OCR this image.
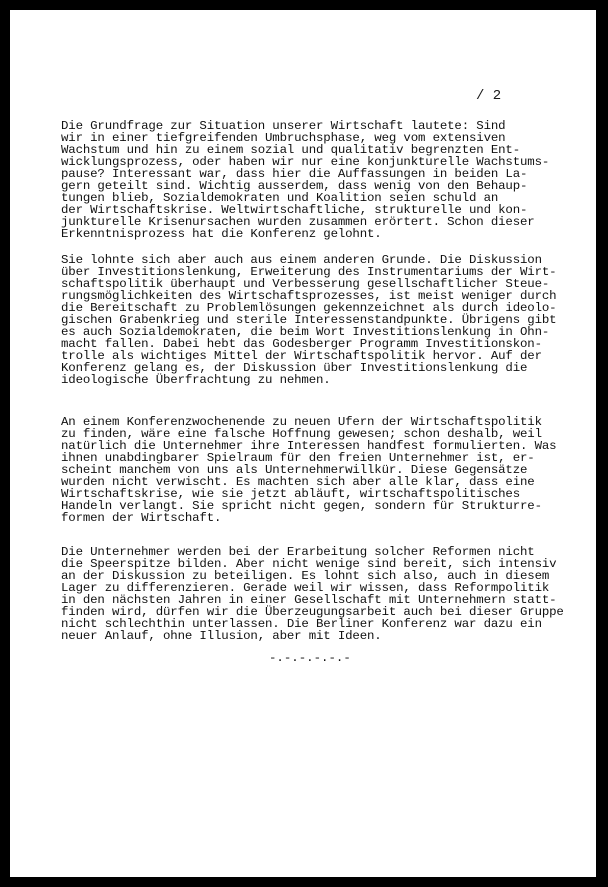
/ 2
Die Grundfrage zur Situation unserer Wirtschaft lautete: Sind
wir in einer tiefgreifenden Umbruchsphase, weg vom extensiven
Wachstum und hin zu einem sozial und qualitativ begrenzten Ent-
wicklungsprozess, oder haben wir nur eine konjunkturelle Wachstums-
pause? Interessant war, dass hier die Auffassungen in beiden La-
gern geteilt sind. Wichtig ausserdem, dass wenig von den Behaup-
tungen blieb, Sozialdemokraten und Koalition seien schuld an
der Wirtschaftskrise. Weltwirtschaftliche, strukturelle und kon-
junkturelle Krisenursachen wurden zusammen erörtert. Schon dieser
Erkenntnisprozess hat die Konferenz gelohnt.
Sie lohnte sich aber auch aus einem anderen Grunde. Die Diskussion
über Investitionslenkung, Erweiterung des Instrumentariums der Wirt-
schaftspolitik überhaupt und Verbesserung gesellschaftlicher Steue-
rungsmöglichkeiten des Wirtschaftsprozesses, ist meist weniger durch
die Bereitschaft zu Problemlösungen gekennzeichnet als durch ideolo-
gischen Grabenkrieg und sterile Interessenstandpunkte. Übrigens gibt
es auch Sozialdemokraten, die beim Wort Investitionslenkung in Ohn-
macht fallen. Dabei hebt das Godesberger Programm Investitionskon-
trolle als wichtiges Mittel der Wirtschaftspolitik hervor. Auf der
Konferenz gelang es, der Diskussion über Investitionslenkung die
ideologische Überfrachtung zu nehmen.
An einem Konferenzwochenende zu neuen Ufern der Wirtschaftspolitik
zu finden, wäre eine falsche Hoffnung gewesen; schon deshalb, weil
natürlich die Unternehmer ihre Interessen handfest formulierten. Was
ihnen unabdingbarer Spielraum für den freien Unternehmer ist, er-
scheint manchem von uns als Unternehmerwillkür. Diese Gegensätze
wurden nicht verwischt. Es machten sich aber alle klar, dass eine
Wirtschaftskrise, wie sie jetzt abläuft, wirtschaftspolitisches
Handeln verlangt. Sie spricht nicht gegen, sondern für Strukturre-
formen der Wirtschaft.
Die Unternehmer werden bei der Erarbeitung solcher Reformen nicht
die Speerspitze bilden. Aber nicht wenige sind bereit, sich intensiv
an der Diskussion zu beteiligen. Es lohnt sich also, auch in diesem
Lager zu differenzieren. Gerade weil wir wissen, dass Reformpolitik
in den nächsten Jahren in einer Gesellschaft mit Unternehmern statt-
finden wird, dürfen wir die Überzeugungsarbeit auch bei dieser Gruppe
nicht schlechthin unterlassen. Die Berliner Konferenz war dazu ein
neuer Anlauf, ohne Illusion, aber mit Ideen.
-.-.-.-.-.-
